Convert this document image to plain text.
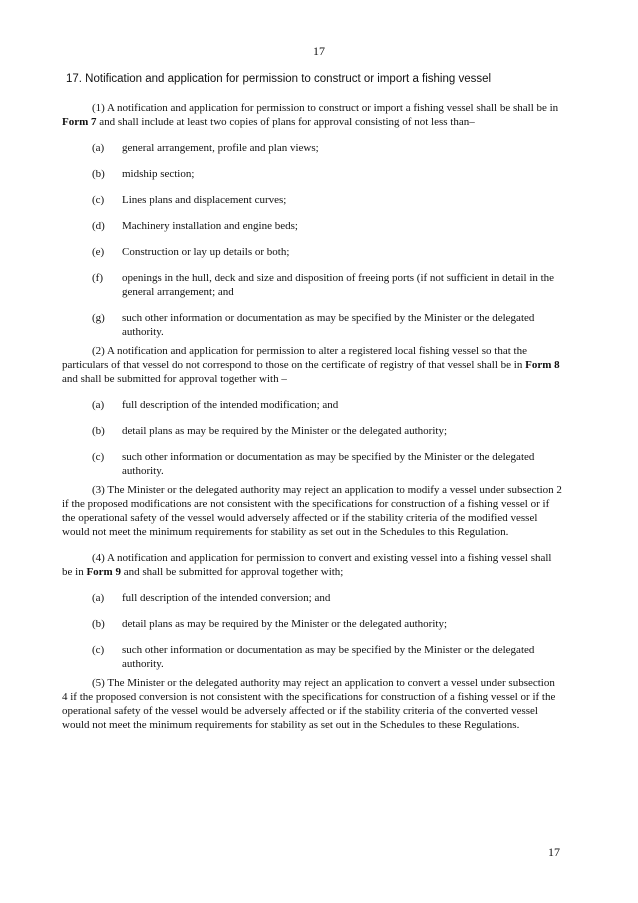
17
17. Notification and application for permission to construct or import a fishing vessel

(1) A notification and application for permission to construct or import a fishing vessel shall be shall be in Form 7 and shall include at least two copies of plans for approval consisting of not less than–

(a)	general arrangement, profile and plan views;
(b)	midship section;
(c)	Lines plans and displacement curves;
(d)	Machinery installation and engine beds;
(e)	Construction or lay up details or both;
(f)	openings in the hull, deck and size and disposition of freeing ports (if not sufficient in detail in the general arrangement; and
(g)	such other information or documentation as may be specified by the Minister or the delegated authority.

(2) A notification and application for permission to alter a registered local fishing vessel so that the particulars of that vessel do not correspond to those on the certificate of registry of that vessel shall be in Form 8 and shall be submitted for approval together with –

(a)	full description of the intended modification; and
(b)	detail plans as may be required by the Minister or the delegated authority;
(c)	such other information or documentation as may be specified by the Minister or the delegated authority.

(3) The Minister or the delegated authority may reject an application to modify a vessel under subsection 2 if the proposed modifications are not consistent with the specifications for construction of a fishing vessel or if the operational safety of the vessel would adversely affected or if the stability criteria of the modified vessel would not meet the minimum requirements for stability as set out in the Schedules to this Regulation.

(4) A notification and application for permission to convert and existing vessel into a fishing vessel shall be in Form 9 and shall be submitted for approval together with;

(a)	full description of the intended conversion; and
(b)	detail plans as may be required by the Minister or the delegated authority;
(c)	such other information or documentation as may be specified by the Minister or the delegated authority.

(5) The Minister or the delegated authority may reject an application to convert a vessel under subsection 4 if the proposed conversion is not consistent with the specifications for construction of a fishing vessel or if the operational safety of the vessel would be adversely affected or if the stability criteria of the converted vessel would not meet the minimum requirements for stability as set out in the Schedules to these Regulations.

17
